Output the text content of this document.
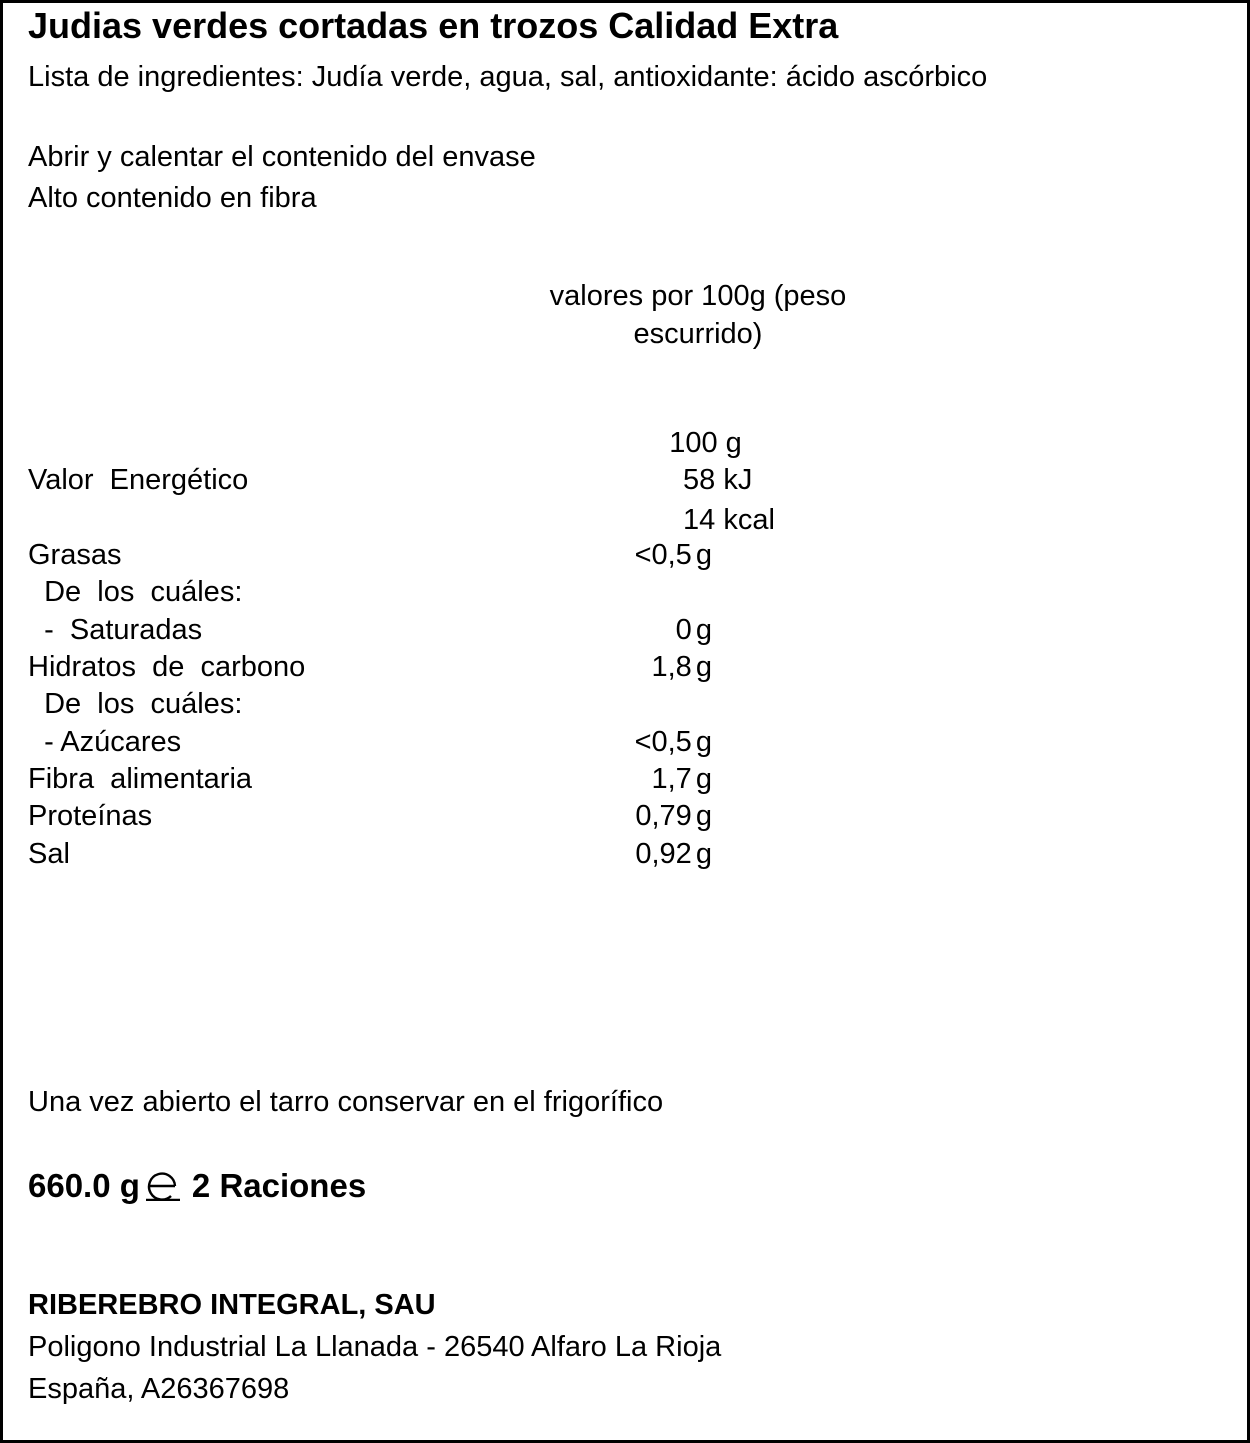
Judias verdes cortadas en trozos Calidad Extra
Lista de ingredientes: Judía verde, agua, sal, antioxidante: ácido ascórbico
Abrir y calentar el contenido del envase
Alto contenido en fibra
valores por 100g (peso
escurrido)
100 g
Valor  Energético	58 kJ
14 kcal
Grasas	<0,5 g
De  los  cuáles:
-  Saturadas	0 g
Hidratos  de  carbono	1,8 g
De  los  cuáles:
- Azúcares	<0,5 g
Fibra  alimentaria	1,7 g
Proteínas	0,79 g
Sal	0,92 g
Una vez abierto el tarro conservar en el frigorífico
660.0 g 2 Raciones
RIBEREBRO INTEGRAL, SAU
Poligono Industrial La Llanada - 26540 Alfaro La Rioja
España, A26367698
